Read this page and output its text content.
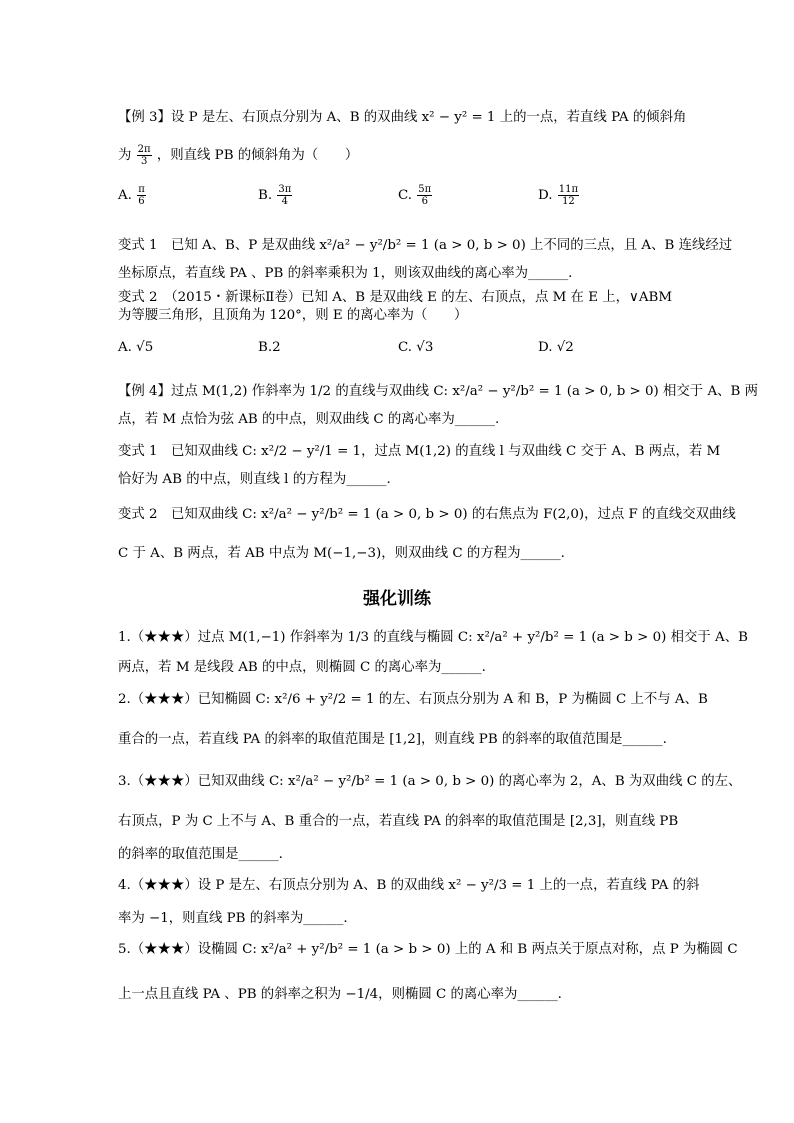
【例 3】设 P 是左、右顶点分别为 A、B 的双曲线 x² − y² = 1 上的一点，若直线 PA 的倾斜角
为 $\frac{2\pi}{3}$ ，则直线 PB 的倾斜角为（　　）
A. $\frac{\pi}{6}$	B. $\frac{3\pi}{4}$	C. $\frac{5\pi}{6}$	D. $\frac{11\pi}{12}$
变式 1　已知 A、B、P 是双曲线 x²/a² − y²/b² = 1 (a > 0, b > 0) 上不同的三点，且 A、B 连线经过
坐标原点，若直线 PA 、PB 的斜率乘积为 1，则该双曲线的离心率为______.
变式 2　（2015・新课标Ⅱ卷）已知 A、B 是双曲线 E 的左、右顶点，点 M 在 E 上，∨ABM
为等腰三角形，且顶角为 120°，则 E 的离心率为（　　）
A. √5	B.2	C. √3	D. √2
【例 4】过点 M(1,2) 作斜率为 1/2 的直线与双曲线 C: x²/a² − y²/b² = 1 (a > 0, b > 0) 相交于 A、B 两
点，若 M 点恰为弦 AB 的中点，则双曲线 C 的离心率为______.
变式 1　已知双曲线 C: x²/2 − y²/1 = 1，过点 M(1,2) 的直线 l 与双曲线 C 交于 A、B 两点，若 M
恰好为 AB 的中点，则直线 l 的方程为______.
变式 2　已知双曲线 C: x²/a² − y²/b² = 1 (a > 0, b > 0) 的右焦点为 F(2,0)，过点 F 的直线交双曲线
C 于 A、B 两点，若 AB 中点为 M(−1,−3)，则双曲线 C 的方程为______.
强化训练
1.（★★★）过点 M(1,−1) 作斜率为 1/3 的直线与椭圆 C: x²/a² + y²/b² = 1 (a > b > 0) 相交于 A、B
两点，若 M 是线段 AB 的中点，则椭圆 C 的离心率为______.
2.（★★★）已知椭圆 C: x²/6 + y²/2 = 1 的左、右顶点分别为 A 和 B，P 为椭圆 C 上不与 A、B
重合的一点，若直线 PA 的斜率的取值范围是 [1,2]，则直线 PB 的斜率的取值范围是______.
3.（★★★）已知双曲线 C: x²/a² − y²/b² = 1 (a > 0, b > 0) 的离心率为 2，A、B 为双曲线 C 的左、
右顶点，P 为 C 上不与 A、B 重合的一点，若直线 PA 的斜率的取值范围是 [2,3]，则直线 PB
的斜率的取值范围是______.
4.（★★★）设 P 是左、右顶点分别为 A、B 的双曲线 x² − y²/3 = 1 上的一点，若直线 PA 的斜
率为 −1，则直线 PB 的斜率为______.
5.（★★★）设椭圆 C: x²/a² + y²/b² = 1 (a > b > 0) 上的 A 和 B 两点关于原点对称，点 P 为椭圆 C
上一点且直线 PA 、PB 的斜率之积为 −1/4，则椭圆 C 的离心率为______.
